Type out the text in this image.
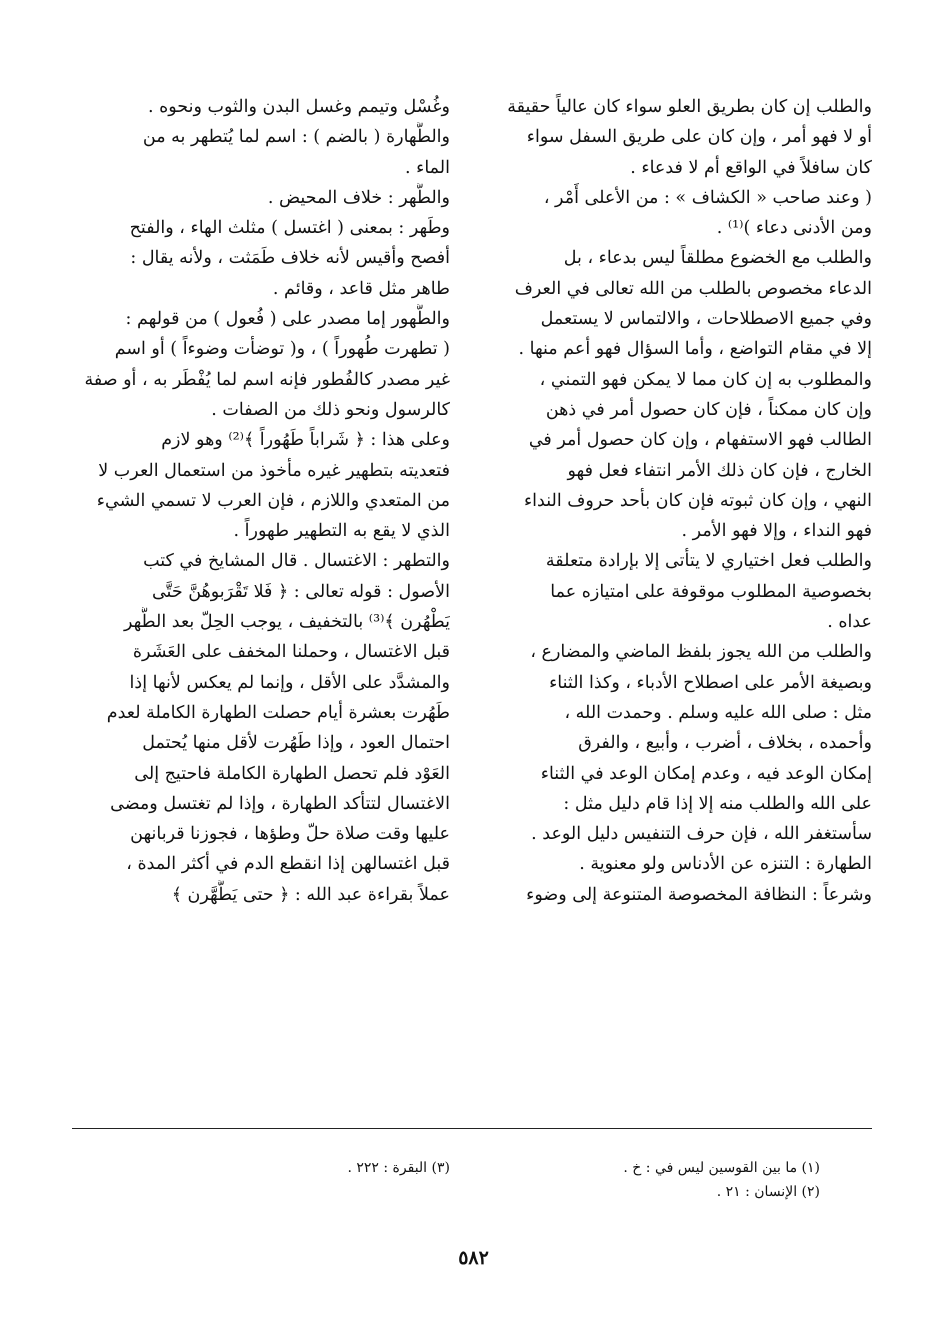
والطلب إن كان بطريق العلو سواء كان عالياً حقيقة
أو لا فهو أمر ، وإن كان على طريق السفل سواء
كان سافلاً في الواقع أم لا فدعاء .
( وعند صاحب « الكشاف » : من الأعلى أَمْر ،
ومن الأدنى دعاء )⁽¹⁾ .
والطلب مع الخضوع مطلقاً ليس بدعاء ، بل
الدعاء مخصوص بالطلب من الله تعالى في العرف
وفي جميع الاصطلاحات ، والالتماس لا يستعمل
إلا في مقام التواضع ، وأما السؤال فهو أعم منها .
والمطلوب به إن كان مما لا يمكن فهو التمني ،
وإن كان ممكناً ، فإن كان حصول أمر في ذهن
الطالب فهو الاستفهام ، وإن كان حصول أمر في
الخارج ، فإن كان ذلك الأمر انتفاء فعل فهو
النهي ، وإن كان ثبوته فإن كان بأحد حروف النداء
فهو النداء ، وإلا فهو الأمر .
والطلب فعل اختياري لا يتأتى إلا بإرادة متعلقة
بخصوصية المطلوب موقوفة على امتيازه عما
عداه .
والطلب من الله يجوز بلفظ الماضي والمضارع ،
وبصيغة الأمر على اصطلاح الأدباء ، وكذا الثناء
مثل : صلى الله عليه وسلم . وحمدت الله ،
وأحمده ، بخلاف ، أضرب ، وأبيع ، والفرق
إمكان الوعد فيه ، وعدم إمكان الوعد في الثناء
على الله والطلب منه إلا إذا قام دليل مثل :
سأستغفر الله ، فإن حرف التنفيس دليل الوعد .
الطهارة : التنزه عن الأدناس ولو معنوية .
وشرعاً : النظافة المخصوصة المتنوعة إلى وضوء
وغُسْل وتيمم وغسل البدن والثوب ونحوه .
والطَّهارة ( بالضم ) : اسم لما يُتطهر به من
الماء .
والطُّهر : خلاف المحيض .
وطَهر : بمعنى ( اغتسل ) مثلث الهاء ، والفتح
أفصح وأقيس لأنه خلاف طَمَثت ، ولأنه يقال :
طاهر مثل قاعد ، وقائم .
والطُّهور إما مصدر على ( فُعول ) من قولهم :
( تطهرت طُهوراً ) ، و( توضأت وضوءاً ) أو اسم
غير مصدر كالفُطور فإنه اسم لما يُفْطَر به ، أو صفة
كالرسول ونحو ذلك من الصفات .
وعلى هذا : ﴿ شَراباً طَهُوراً ﴾⁽²⁾ وهو لازم
فتعديته بتطهير غيره مأخوذ من استعمال العرب لا
من المتعدي واللازم ، فإن العرب لا تسمي الشيء
الذي لا يقع به التطهير طهوراً .
والتطهر : الاغتسال . قال المشايخ في كتب
الأصول : قوله تعالى : ﴿ فَلا تَقْرَبوهُنَّ حَتَّى
يَطْهُرن ﴾⁽³⁾ بالتخفيف ، يوجب الحِلّ بعد الطُّهر
قبل الاغتسال ، وحملنا المخفف على العَشَرة
والمشدَّد على الأقل ، وإنما لم يعكس لأنها إذا
طَهُرت بعشرة أيام حصلت الطهارة الكاملة لعدم
احتمال العود ، وإذا طَهُرت لأقل منها يُحتمل
العَوْد فلم تحصل الطهارة الكاملة فاحتيج إلى
الاغتسال لتتأكد الطهارة ، وإذا لم تغتسل ومضى
عليها وقت صلاة حلّ وطؤها ، فجوزنا قربانهن
قبل اغتسالهن إذا انقطع الدم في أكثر المدة ،
عملاً بقراءة عبد الله : ﴿ حتى يَطَّهَّرن ﴾
(١) ما بين القوسين ليس في : خ .
(٢) الإنسان : ٢١ .
(٣) البقرة : ٢٢٢ .
٥٨٢
